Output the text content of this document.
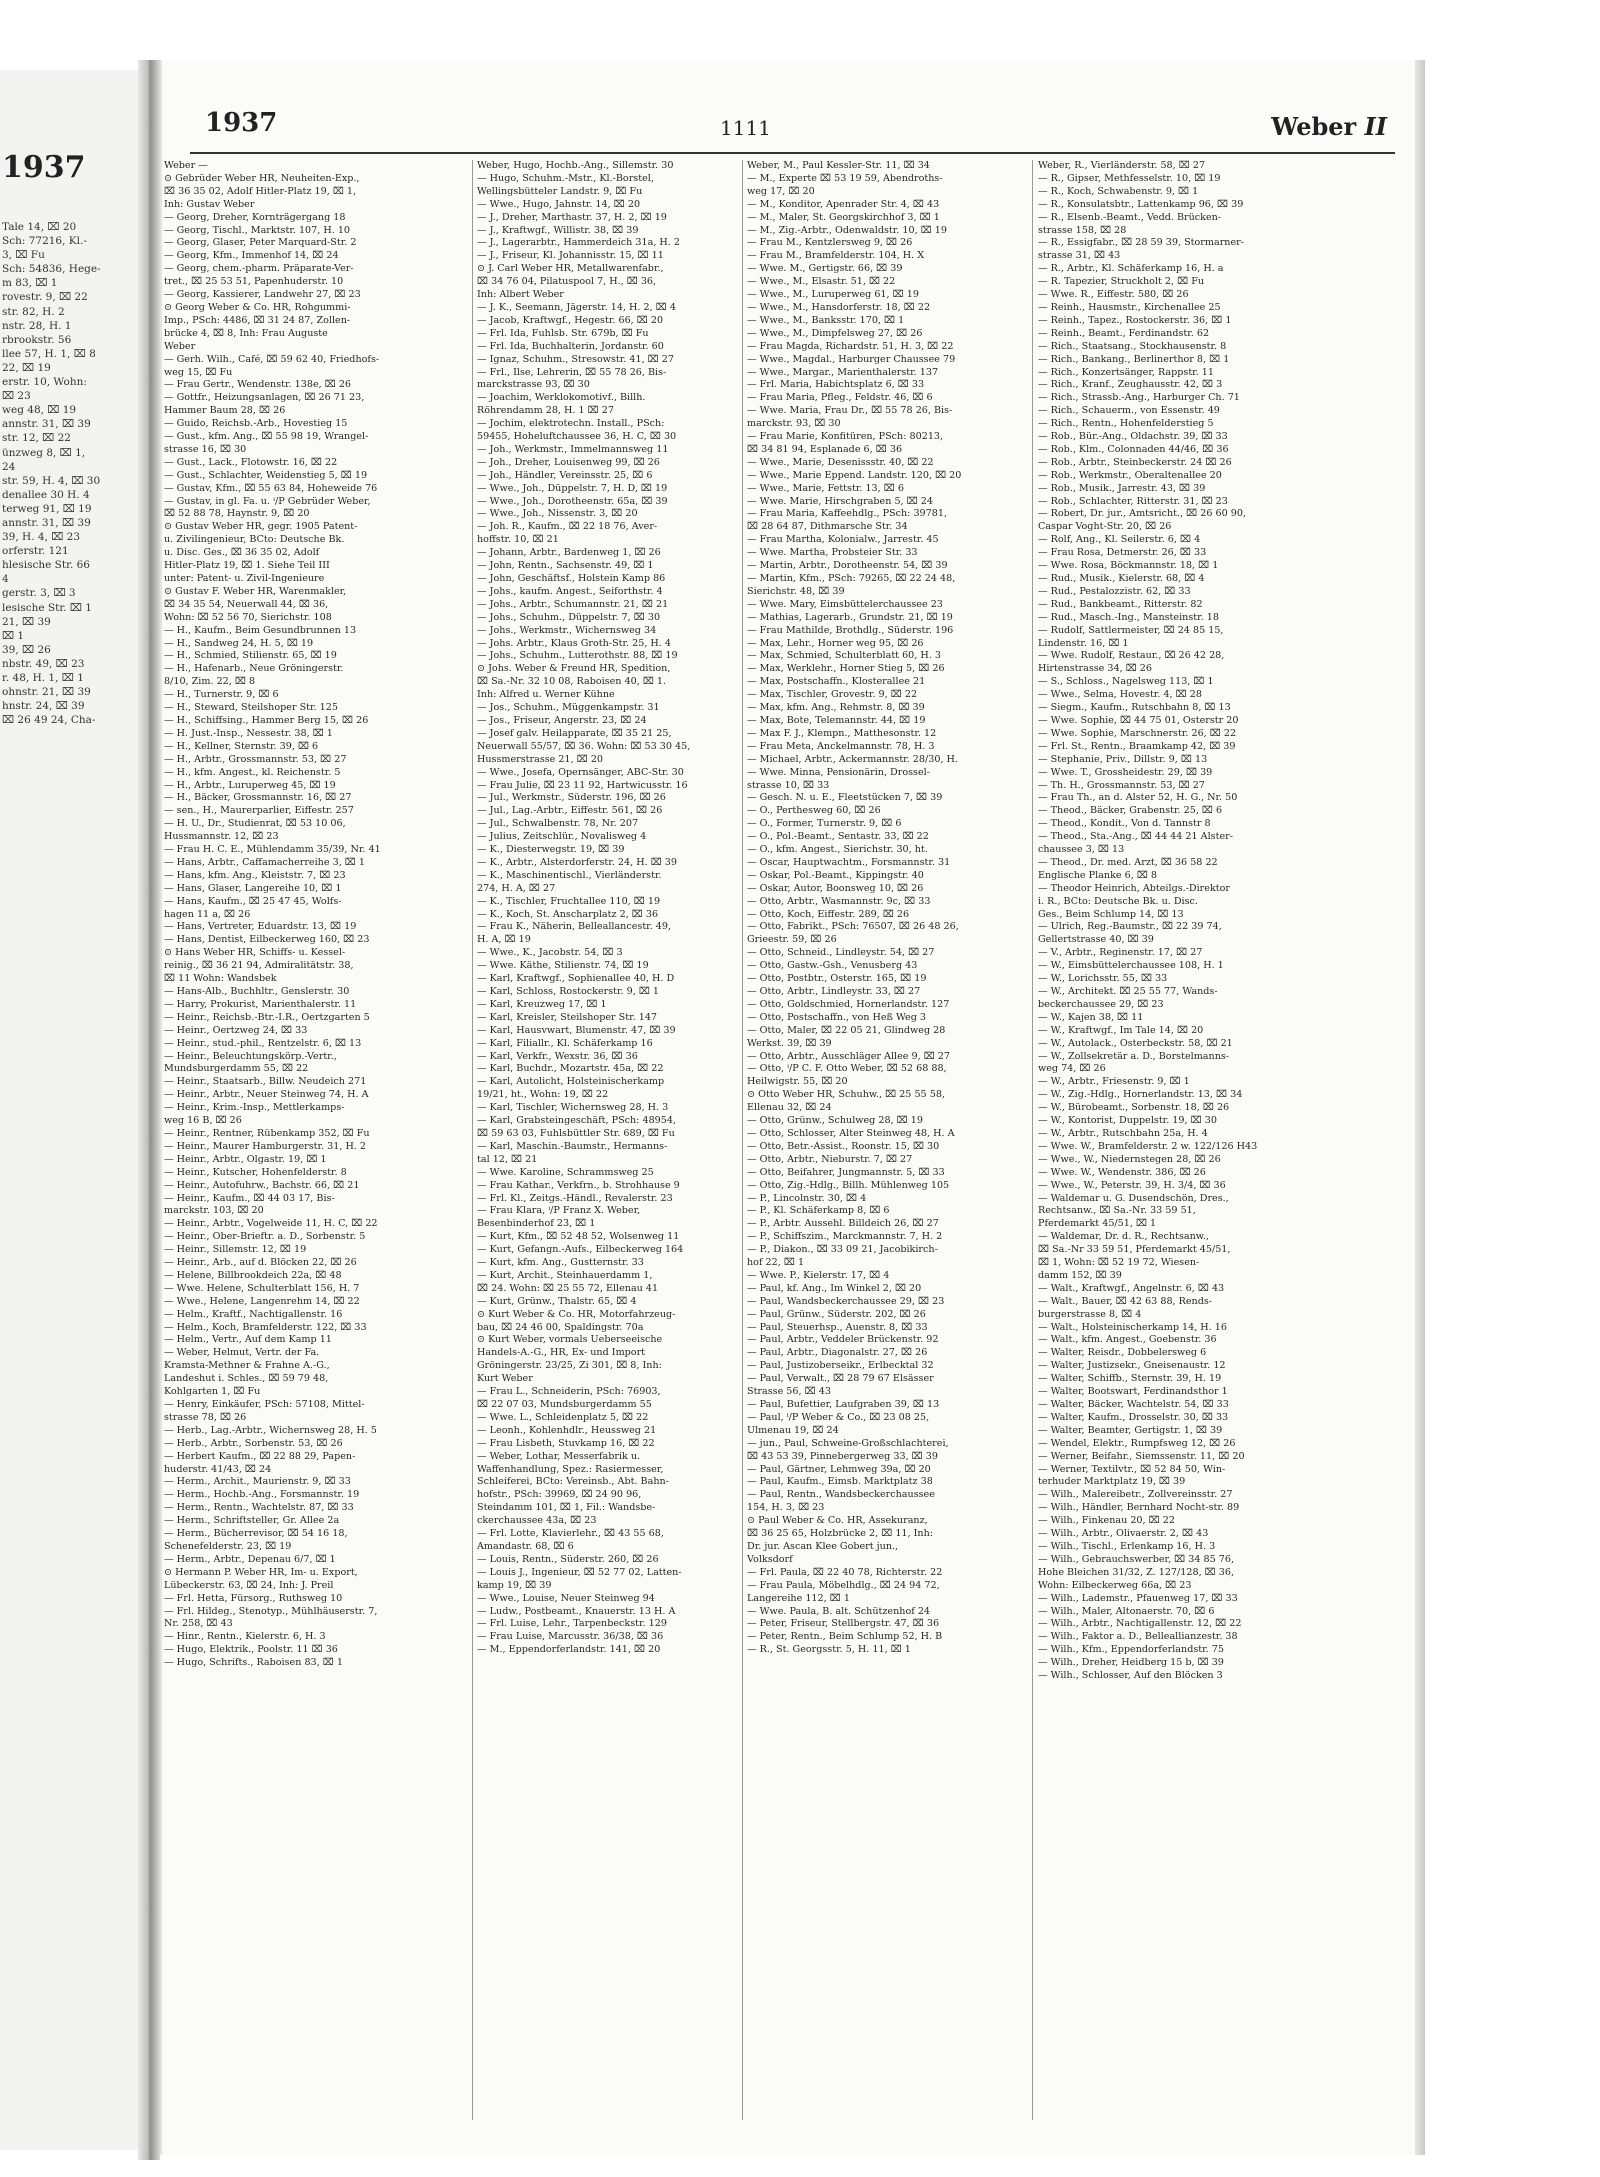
1937
Tale 14, ⌧ 20
Sch: 77216, Kl.-
3, ⌧ Fu
Sch: 54836, Hege-
m 83, ⌧ 1
rovestr. 9, ⌧ 22
str. 82, H. 2
nstr. 28, H. 1
rbrookstr. 56
llee 57, H. 1, ⌧ 8
22, ⌧ 19
erstr. 10, Wohn:
⌧ 23
weg 48, ⌧ 19
annstr. 31, ⌧ 39
str. 12, ⌧ 22
ünzweg 8, ⌧ 1,
24
str. 59, H. 4, ⌧ 30
denallee 30 H. 4
terweg 91, ⌧ 19
annstr. 31, ⌧ 39
39, H. 4, ⌧ 23
orferstr. 121
hlesische Str. 66
4
gerstr. 3, ⌧ 3
lesische Str. ⌧ 1
21, ⌧ 39
⌧ 1
39, ⌧ 26
nbstr. 49, ⌧ 23
r. 48, H. 1, ⌧ 1
ohnstr. 21, ⌧ 39
hnstr. 24, ⌧ 39
⌧ 26 49 24, Cha-
1937	1111	Weber II
Weber —
⊙ Gebrüder Weber HR, Neuheiten-Exp.,
⌧ 36 35 02, Adolf Hitler-Platz 19, ⌧ 1,
Inh: Gustav Weber
— Georg, Dreher, Kornträgergang 18
— Georg, Tischl., Marktstr. 107, H. 10
— Georg, Glaser, Peter Marquard-Str. 2
— Georg, Kfm., Immenhof 14, ⌧ 24
— Georg, chem.-pharm. Präparate-Ver-
tret., ⌧ 25 53 51, Papenhuderstr. 10
— Georg, Kassierer, Landwehr 27, ⌧ 23
⊙ Georg Weber & Co. HR, Rohgummi-
Imp., PSch: 4486, ⌧ 31 24 87, Zollen-
brücke 4, ⌧ 8, Inh: Frau Auguste
Weber
— Gerh. Wilh., Café, ⌧ 59 62 40, Friedhofs-
weg 15, ⌧ Fu
— Frau Gertr., Wendenstr. 138e, ⌧ 26
— Gottfr., Heizungsanlagen, ⌧ 26 71 23,
Hammer Baum 28, ⌧ 26
— Guido, Reichsb.-Arb., Hovestieg 15
— Gust., kfm. Ang., ⌧ 55 98 19, Wrangel-
strasse 16, ⌧ 30
— Gust., Lack., Flotowstr. 16, ⌧ 22
— Gust., Schlachter, Weidenstieg 5, ⌧ 19
— Gustav, Kfm., ⌧ 55 63 84, Hoheweide 76
— Gustav, in gl. Fa. u. ⁱ/P Gebrüder Weber,
⌧ 52 88 78, Haynstr. 9, ⌧ 20
⊙ Gustav Weber HR, gegr. 1905 Patent-
u. Zivilingenieur, BCto: Deutsche Bk.
u. Disc. Ges., ⌧ 36 35 02, Adolf
Hitler-Platz 19, ⌧ 1. Siehe Teil III
unter: Patent- u. Zivil-Ingenieure
⊙ Gustav F. Weber HR, Warenmakler,
⌧ 34 35 54, Neuerwall 44, ⌧ 36,
Wohn: ⌧ 52 56 70, Sierichstr. 108
— H., Kaufm., Beim Gesundbrunnen 13
— H., Sandweg 24, H. 5, ⌧ 19
— H., Schmied, Stilienstr. 65, ⌧ 19
— H., Hafenarb., Neue Gröningerstr.
8/10, Zim. 22, ⌧ 8
— H., Turnerstr. 9, ⌧ 6
— H., Steward, Steilshoper Str. 125
— H., Schiffsing., Hammer Berg 15, ⌧ 26
— H. Just.-Insp., Nessestr. 38, ⌧ 1
— H., Kellner, Sternstr. 39, ⌧ 6
— H., Arbtr., Grossmannstr. 53, ⌧ 27
— H., kfm. Angest., kl. Reichenstr. 5
— H., Arbtr., Luruperweg 45, ⌧ 19
— H., Bäcker, Grossmannstr. 16, ⌧ 27
— sen., H., Maurerparlier, Eiffestr. 257
— H. U., Dr., Studienrat, ⌧ 53 10 06,
Hussmannstr. 12, ⌧ 23
— Frau H. C. E., Mühlendamm 35/39, Nr. 41
— Hans, Arbtr., Caffamacherreihe 3, ⌧ 1
— Hans, kfm. Ang., Kleiststr. 7, ⌧ 23
— Hans, Glaser, Langereihe 10, ⌧ 1
— Hans, Kaufm., ⌧ 25 47 45, Wolfs-
hagen 11 a, ⌧ 26
— Hans, Vertreter, Eduardstr. 13, ⌧ 19
— Hans, Dentist, Eilbeckerweg 160, ⌧ 23
⊙ Hans Weber HR, Schiffs- u. Kessel-
reinig., ⌧ 36 21 94, Admiralitätstr. 38,
⌧ 11 Wohn: Wandsbek
— Hans-Alb., Buchhltr., Genslerstr. 30
— Harry, Prokurist, Marienthalerstr. 11
— Heinr., Reichsb.-Btr.-I.R., Oertzgarten 5
— Heinr., Oertzweg 24, ⌧ 33
— Heinr., stud.-phil., Rentzelstr. 6, ⌧ 13
— Heinr., Beleuchtungskörp.-Vertr.,
Mundsburgerdamm 55, ⌧ 22
— Heinr., Staatsarb., Billw. Neudeich 271
— Heinr., Arbtr., Neuer Steinweg 74, H. A
— Heinr., Krim.-Insp., Mettlerkamps-
weg 16 B, ⌧ 26
— Heinr., Rentner, Rübenkamp 352, ⌧ Fu
— Heinr., Maurer Hamburgerstr. 31, H. 2
— Heinr., Arbtr., Olgastr. 19, ⌧ 1
— Heinr., Kutscher, Hohenfelderstr. 8
— Heinr., Autofuhrw., Bachstr. 66, ⌧ 21
— Heinr., Kaufm., ⌧ 44 03 17, Bis-
marckstr. 103, ⌧ 20
— Heinr., Arbtr., Vogelweide 11, H. C, ⌧ 22
— Heinr., Ober-Brieftr. a. D., Sorbenstr. 5
— Heinr., Sillemstr. 12, ⌧ 19
— Heinr., Arb., auf d. Blöcken 22, ⌧ 26
— Helene, Billbrookdeich 22a, ⌧ 48
— Wwe. Helene, Schulterblatt 156, H. 7
— Wwe., Helene, Langenrehm 14, ⌧ 22
— Helm., Kraftf., Nachtigallenstr. 16
— Helm., Koch, Bramfelderstr. 122, ⌧ 33
— Helm., Vertr., Auf dem Kamp 11
— Weber, Helmut, Vertr. der Fa.
Kramsta-Methner & Frahne A.-G.,
Landeshut i. Schles., ⌧ 59 79 48,
Kohlgarten 1, ⌧ Fu
— Henry, Einkäufer, PSch: 57108, Mittel-
strasse 78, ⌧ 26
— Herb., Lag.-Arbtr., Wichernsweg 28, H. 5
— Herb., Arbtr., Sorbenstr. 53, ⌧ 26
— Herbert Kaufm., ⌧ 22 88 29, Papen-
huderstr. 41/43, ⌧ 24
— Herm., Archit., Maurienstr. 9, ⌧ 33
— Herm., Hochb.-Ang., Forsmannstr. 19
— Herm., Rentn., Wachtelstr. 87, ⌧ 33
— Herm., Schriftsteller, Gr. Allee 2a
— Herm., Bücherrevisor, ⌧ 54 16 18,
Schenefelderstr. 23, ⌧ 19
— Herm., Arbtr., Depenau 6/7, ⌧ 1
⊙ Hermann P. Weber HR, Im- u. Export,
Lübeckerstr. 63, ⌧ 24, Inh: J. Preil
— Frl. Hetta, Fürsorg., Ruthsweg 10
— Frl. Hildeg., Stenotyp., Mühlhäuserstr. 7,
Nr. 258, ⌧ 43
— Hinr., Rentn., Kielerstr. 6, H. 3
— Hugo, Elektrik., Poolstr. 11 ⌧ 36
— Hugo, Schrifts., Raboisen 83, ⌧ 1
Weber, Hugo, Hochb.-Ang., Sillemstr. 30
— Hugo, Schuhm.-Mstr., Kl.-Borstel,
Wellingsbütteler Landstr. 9, ⌧ Fu
— Wwe., Hugo, Jahnstr. 14, ⌧ 20
— J., Dreher, Marthastr. 37, H. 2, ⌧ 19
— J., Kraftwgf., Willistr. 38, ⌧ 39
— J., Lagerarbtr., Hammerdeich 31a, H. 2
— J., Friseur, Kl. Johannisstr. 15, ⌧ 11
⊙ J. Carl Weber HR, Metallwarenfabr.,
⌧ 34 76 04, Pilatuspool 7, H., ⌧ 36,
Inh: Albert Weber
— J. K., Seemann, Jägerstr. 14, H. 2, ⌧ 4
— Jacob, Kraftwgf., Hegestr. 66, ⌧ 20
— Frl. Ida, Fuhlsb. Str. 679b, ⌧ Fu
— Frl. Ida, Buchhalterin, Jordanstr. 60
— Ignaz, Schuhm., Stresowstr. 41, ⌧ 27
— Frl., Ilse, Lehrerin, ⌧ 55 78 26, Bis-
marckstrasse 93, ⌧ 30
— Joachim, Werklokomotivf., Billh.
Röhrendamm 28, H. 1 ⌧ 27
— Jochim, elektrotechn. Install., PSch:
59455, Hoheluftchaussee 36, H. C, ⌧ 30
— Joh., Werkmstr., Immelmannsweg 11
— Joh., Dreher, Louisenweg 99, ⌧ 26
— Joh., Händler, Vereinsstr. 25, ⌧ 6
— Wwe., Joh., Düppelstr. 7, H. D, ⌧ 19
— Wwe., Joh., Dorotheenstr. 65a, ⌧ 39
— Wwe., Joh., Nissenstr. 3, ⌧ 20
— Joh. R., Kaufm., ⌧ 22 18 76, Aver-
hoffstr. 10, ⌧ 21
— Johann, Arbtr., Bardenweg 1, ⌧ 26
— John, Rentn., Sachsenstr. 49, ⌧ 1
— John, Geschäftsf., Holstein Kamp 86
— Johs., kaufm. Angest., Seiforthstr. 4
— Johs., Arbtr., Schumannstr. 21, ⌧ 21
— Johs., Schuhm., Düppelstr. 7, ⌧ 30
— Johs., Werkmstr., Wichernsweg 34
— Johs. Arbtr., Klaus Groth-Str. 25, H. 4
— Johs., Schuhm., Lutterothstr. 88, ⌧ 19
⊙ Johs. Weber & Freund HR, Spedition,
⌧ Sa.-Nr. 32 10 08, Raboisen 40, ⌧ 1.
Inh: Alfred u. Werner Kühne
— Jos., Schuhm., Müggenkampstr. 31
— Jos., Friseur, Angerstr. 23, ⌧ 24
— Josef galv. Heilapparate, ⌧ 35 21 25,
Neuerwall 55/57, ⌧ 36. Wohn: ⌧ 53 30 45,
Hussmerstrasse 21, ⌧ 20
— Wwe., Josefa, Opernsänger, ABC-Str. 30
— Frau Julie, ⌧ 23 11 92, Hartwicusstr. 16
— Jul., Werkmstr., Süderstr. 196, ⌧ 26
— Jul., Lag.-Arbtr., Eiffestr. 561, ⌧ 26
— Jul., Schwalbenstr. 78, Nr. 207
— Julius, Zeitschlür., Novalisweg 4
— K., Diesterwegstr. 19, ⌧ 39
— K., Arbtr., Alsterdorferstr. 24, H. ⌧ 39
— K., Maschinentischl., Vierländerstr.
274, H. A, ⌧ 27
— K., Tischler, Fruchtallee 110, ⌧ 19
— K., Koch, St. Anscharplatz 2, ⌧ 36
— Frau K., Näherin, Belleallancestr. 49,
H. A, ⌧ 19
— Wwe., K., Jacobstr. 54, ⌧ 3
— Wwe. Käthe, Stilienstr. 74, ⌧ 19
— Karl, Kraftwgf., Sophienallee 40, H. D
— Karl, Schloss, Rostockerstr. 9, ⌧ 1
— Karl, Kreuzweg 17, ⌧ 1
— Karl, Kreisler, Steilshoper Str. 147
— Karl, Hausvwart, Blumenstr. 47, ⌧ 39
— Karl, Filiallr., Kl. Schäferkamp 16
— Karl, Verkfr., Wexstr. 36, ⌧ 36
— Karl, Buchdr., Mozartstr. 45a, ⌧ 22
— Karl, Autolicht, Holsteinischerkamp
19/21, ht., Wohn: 19, ⌧ 22
— Karl, Tischler, Wichernsweg 28, H. 3
— Karl, Grabsteingeschäft, PSch: 48954,
⌧ 59 63 03, Fuhlsbüttler Str. 689, ⌧ Fu
— Karl, Maschin.-Baumstr., Hermanns-
tal 12, ⌧ 21
— Wwe. Karoline, Schrammsweg 25
— Frau Kathar., Verkfrn., b. Strohhause 9
— Frl. Kl., Zeitgs.-Händl., Revalerstr. 23
— Frau Klara, ⁱ/P Franz X. Weber,
Besenbinderhof 23, ⌧ 1
— Kurt, Kfm., ⌧ 52 48 52, Wolsenweg 11
— Kurt, Gefangn.-Aufs., Eilbeckerweg 164
— Kurt, kfm. Ang., Gustternstr. 33
— Kurt, Archit., Steinhauerdamm 1,
⌧ 24. Wohn: ⌧ 25 55 72, Ellenau 41
— Kurt, Grünw., Thalstr. 65, ⌧ 4
⊙ Kurt Weber & Co. HR, Motorfahrzeug-
bau, ⌧ 24 46 00, Spaldingstr. 70a
⊙ Kurt Weber, vormals Ueberseeische
Handels-A.-G., HR, Ex- und Import
Gröningerstr. 23/25, Zi 301, ⌧ 8, Inh:
Kurt Weber
— Frau L., Schneiderin, PSch: 76903,
⌧ 22 07 03, Mundsburgerdamm 55
— Wwe. L., Schleidenplatz 5, ⌧ 22
— Leonh., Kohlenhdlr., Heussweg 21
— Frau Lisbeth, Stuvkamp 16, ⌧ 22
— Weber, Lothar, Messerfabrik u.
Waffenhandlung, Spez.: Rasiermesser,
Schleiferei, BCto: Vereinsb., Abt. Bahn-
hofstr., PSch: 39969, ⌧ 24 90 96,
Steindamm 101, ⌧ 1, Fil.: Wandsbe-
ckerchaussee 43a, ⌧ 23
— Frl. Lotte, Klavierlehr., ⌧ 43 55 68,
Amandastr. 68, ⌧ 6
— Louis, Rentn., Süderstr. 260, ⌧ 26
— Louis J., Ingenieur, ⌧ 52 77 02, Latten-
kamp 19, ⌧ 39
— Wwe., Louise, Neuer Steinweg 94
— Ludw., Postbeamt., Knauerstr. 13 H. A
— Frl. Luise, Lehr., Tarpenbeckstr. 129
— Frau Luise, Marcusstr. 36/38, ⌧ 36
— M., Eppendorferlandstr. 141, ⌧ 20
Weber, M., Paul Kessler-Str. 11, ⌧ 34
— M., Experte ⌧ 53 19 59, Abendroths-
weg 17, ⌧ 20
— M., Konditor, Apenrader Str. 4, ⌧ 43
— M., Maler, St. Georgskirchhof 3, ⌧ 1
— M., Zig.-Arbtr., Odenwaldstr. 10, ⌧ 19
— Frau M., Kentzlersweg 9, ⌧ 26
— Frau M., Bramfelderstr. 104, H. X
— Wwe. M., Gertigstr. 66, ⌧ 39
— Wwe., M., Elsastr. 51, ⌧ 22
— Wwe., M., Luruperweg 61, ⌧ 19
— Wwe., M., Hansdorferstr. 18, ⌧ 22
— Wwe., M., Banksstr. 170, ⌧ 1
— Wwe., M., Dimpfelsweg 27, ⌧ 26
— Frau Magda, Richardstr. 51, H. 3, ⌧ 22
— Wwe., Magdal., Harburger Chaussee 79
— Wwe., Margar., Marienthalerstr. 137
— Frl. Maria, Habichtsplatz 6, ⌧ 33
— Frau Maria, Pfleg., Feldstr. 46, ⌧ 6
— Wwe. Maria, Frau Dr., ⌧ 55 78 26, Bis-
marckstr. 93, ⌧ 30
— Frau Marie, Konfitüren, PSch: 80213,
⌧ 34 81 94, Esplanade 6, ⌧ 36
— Wwe., Marie, Desenissstr. 40, ⌧ 22
— Wwe., Marie Eppend. Landstr. 120, ⌧ 20
— Wwe., Marie, Fettstr. 13, ⌧ 6
— Wwe. Marie, Hirschgraben 5, ⌧ 24
— Frau Maria, Kaffeehdlg., PSch: 39781,
⌧ 28 64 87, Dithmarsche Str. 34
— Frau Martha, Kolonialw., Jarrestr. 45
— Wwe. Martha, Probsteier Str. 33
— Martin, Arbtr., Dorotheenstr. 54, ⌧ 39
— Martin, Kfm., PSch: 79265, ⌧ 22 24 48,
Sierichstr. 48, ⌧ 39
— Wwe. Mary, Eimsbüttelerchaussee 23
— Mathias, Lagerarb., Grundstr. 21, ⌧ 19
— Frau Mathilde, Brothdlg., Süderstr. 196
— Max, Lehr., Horner weg 95, ⌧ 26
— Max, Schmied, Schulterblatt 60, H. 3
— Max, Werklehr., Horner Stieg 5, ⌧ 26
— Max, Postschaffn., Klosterallee 21
— Max, Tischler, Grovestr. 9, ⌧ 22
— Max, kfm. Ang., Rehmstr. 8, ⌧ 39
— Max, Bote, Telemannstr. 44, ⌧ 19
— Max F. J., Klempn., Matthesonstr. 12
— Frau Meta, Anckelmannstr. 78, H. 3
— Michael, Arbtr., Ackermannstr. 28/30, H.
— Wwe. Minna, Pensionärin, Drossel-
strasse 10, ⌧ 33
— Gesch. N. u. E., Fleetstücken 7, ⌧ 39
— O., Perthesweg 60, ⌧ 26
— O., Former, Turnerstr. 9, ⌧ 6
— O., Pol.-Beamt., Sentastr. 33, ⌧ 22
— O., kfm. Angest., Sierichstr. 30, ht.
— Oscar, Hauptwachtm., Forsmannstr. 31
— Oskar, Pol.-Beamt., Kippingstr. 40
— Oskar, Autor, Boonsweg 10, ⌧ 26
— Otto, Arbtr., Wasmannstr. 9c, ⌧ 33
— Otto, Koch, Eiffestr. 289, ⌧ 26
— Otto, Fabrikt., PSch: 76507, ⌧ 26 48 26,
Grieestr. 59, ⌧ 26
— Otto, Schneid., Lindleystr. 54, ⌧ 27
— Otto, Gastw.-Gsh., Venusberg 43
— Otto, Postbtr., Osterstr. 165, ⌧ 19
— Otto, Arbtr., Lindleystr. 33, ⌧ 27
— Otto, Goldschmied, Hornerlandstr. 127
— Otto, Postschaffn., von Heß Weg 3
— Otto, Maler, ⌧ 22 05 21, Glindweg 28
Werkst. 39, ⌧ 39
— Otto, Arbtr., Ausschläger Allee 9, ⌧ 27
— Otto, ⁱ/P C. F. Otto Weber, ⌧ 52 68 88,
Heilwigstr. 55, ⌧ 20
⊙ Otto Weber HR, Schuhw., ⌧ 25 55 58,
Ellenau 32, ⌧ 24
— Otto, Grünw., Schulweg 28, ⌧ 19
— Otto, Schlosser, Alter Steinweg 48, H. A
— Otto, Betr.-Assist., Roonstr. 15, ⌧ 30
— Otto, Arbtr., Nieburstr. 7, ⌧ 27
— Otto, Beifahrer, Jungmannstr. 5, ⌧ 33
— Otto, Zig.-Hdlg., Billh. Mühlenweg 105
— P., Lincolnstr. 30, ⌧ 4
— P., Kl. Schäferkamp 8, ⌧ 6
— P., Arbtr. Aussehl. Billdeich 26, ⌧ 27
— P., Schiffszim., Marckmannstr. 7, H. 2
— P., Diakon., ⌧ 33 09 21, Jacobikirch-
hof 22, ⌧ 1
— Wwe. P., Kielerstr. 17, ⌧ 4
— Paul, kf. Ang., Im Winkel 2, ⌧ 20
— Paul, Wandsbeckerchaussee 29, ⌧ 23
— Paul, Grünw., Süderstr. 202, ⌧ 26
— Paul, Steuerhsp., Auenstr. 8, ⌧ 33
— Paul, Arbtr., Veddeler Brückenstr. 92
— Paul, Arbtr., Diagonalstr. 27, ⌧ 26
— Paul, Justizoberseikr., Erlbecktal 32
— Paul, Verwalt., ⌧ 28 79 67 Elsässer
Strasse 56, ⌧ 43
— Paul, Bufettier, Laufgraben 39, ⌧ 13
— Paul, ⁱ/P Weber & Co., ⌧ 23 08 25,
Ulmenau 19, ⌧ 24
— jun., Paul, Schweine-Großschlachterei,
⌧ 43 53 39, Pinnebergerweg 33, ⌧ 39
— Paul, Gärtner, Lehmweg 39a, ⌧ 20
— Paul, Kaufm., Eimsb. Marktplatz 38
— Paul, Rentn., Wandsbeckerchaussee
154, H. 3, ⌧ 23
⊙ Paul Weber & Co. HR, Assekuranz,
⌧ 36 25 65, Holzbrücke 2, ⌧ 11, Inh:
Dr. jur. Ascan Klee Gobert jun.,
Volksdorf
— Frl. Paula, ⌧ 22 40 78, Richterstr. 22
— Frau Paula, Möbelhdlg., ⌧ 24 94 72,
Langereihe 112, ⌧ 1
— Wwe. Paula, B. alt. Schützenhof 24
— Peter, Friseur, Stellbergstr. 47, ⌧ 36
— Peter, Rentn., Beim Schlump 52, H. B
— R., St. Georgsstr. 5, H. 11, ⌧ 1
Weber, R., Vierländerstr. 58, ⌧ 27
— R., Gipser, Methfesselstr. 10, ⌧ 19
— R., Koch, Schwabenstr. 9, ⌧ 1
— R., Konsulatsbtr., Lattenkamp 96, ⌧ 39
— R., Elsenb.-Beamt., Vedd. Brücken-
strasse 158, ⌧ 28
— R., Essigfabr., ⌧ 28 59 39, Stormarner-
strasse 31, ⌧ 43
— R., Arbtr., Kl. Schäferkamp 16, H. a
— R. Tapezier, Struckholt 2, ⌧ Fu
— Wwe. R., Eiffestr. 580, ⌧ 26
— Reinh., Hausmstr., Kirchenallee 25
— Reinh., Tapez., Rostockerstr. 36, ⌧ 1
— Reinh., Beamt., Ferdinandstr. 62
— Rich., Staatsang., Stockhausenstr. 8
— Rich., Bankang., Berlinerthor 8, ⌧ 1
— Rich., Konzertsänger, Rappstr. 11
— Rich., Kranf., Zeughausstr. 42, ⌧ 3
— Rich., Strassb.-Ang., Harburger Ch. 71
— Rich., Schauerm., von Essenstr. 49
— Rich., Rentn., Hohenfelderstieg 5
— Rob., Bür.-Ang., Oldachstr. 39, ⌧ 33
— Rob., Klm., Colonnaden 44/46, ⌧ 36
— Rob., Arbtr., Steinbeckerstr. 24 ⌧ 26
— Rob., Werkmstr., Oberaltenallee 20
— Rob., Musik., Jarrestr. 43, ⌧ 39
— Rob., Schlachter, Ritterstr. 31, ⌧ 23
— Robert, Dr. jur., Amtsricht., ⌧ 26 60 90,
Caspar Voght-Str. 20, ⌧ 26
— Rolf, Ang., Kl. Seilerstr. 6, ⌧ 4
— Frau Rosa, Detmerstr. 26, ⌧ 33
— Wwe. Rosa, Böckmannstr. 18, ⌧ 1
— Rud., Musik., Kielerstr. 68, ⌧ 4
— Rud., Pestalozzistr. 62, ⌧ 33
— Rud., Bankbeamt., Ritterstr. 82
— Rud., Masch.-Ing., Mansteinstr. 18
— Rudolf, Sattlermeister, ⌧ 24 85 15,
Lindenstr. 16, ⌧ 1
— Wwe. Rudolf, Restaur., ⌧ 26 42 28,
Hirtenstrasse 34, ⌧ 26
— S., Schloss., Nagelsweg 113, ⌧ 1
— Wwe., Selma, Hovestr. 4, ⌧ 28
— Siegm., Kaufm., Rutschbahn 8, ⌧ 13
— Wwe. Sophie, ⌧ 44 75 01, Osterstr 20
— Wwe. Sophie, Marschnerstr. 26, ⌧ 22
— Frl. St., Rentn., Braamkamp 42, ⌧ 39
— Stephanie, Priv., Dillstr. 9, ⌧ 13
— Wwe. T., Grossheidestr. 29, ⌧ 39
— Th. H., Grossmannstr. 53, ⌧ 27
— Frau Th., an d. Alster 52, H. G., Nr. 50
— Theod., Bäcker, Grabenstr. 25, ⌧ 6
— Theod., Kondit., Von d. Tannstr 8
— Theod., Sta.-Ang., ⌧ 44 44 21 Alster-
chaussee 3, ⌧ 13
— Theod., Dr. med. Arzt, ⌧ 36 58 22
Englische Planke 6, ⌧ 8
— Theodor Heinrich, Abteilgs.-Direktor
i. R., BCto: Deutsche Bk. u. Disc.
Ges., Beim Schlump 14, ⌧ 13
— Ulrich, Reg.-Baumstr., ⌧ 22 39 74,
Gellertstrasse 40, ⌧ 39
— V., Arbtr., Reginenstr. 17, ⌧ 27
— W., Eimsbüttelerchaussee 108, H. 1
— W., Lorichsstr. 55, ⌧ 33
— W., Architekt. ⌧ 25 55 77, Wands-
beckerchaussee 29, ⌧ 23
— W., Kajen 38, ⌧ 11
— W., Kraftwgf., Im Tale 14, ⌧ 20
— W., Autolack., Osterbeckstr. 58, ⌧ 21
— W., Zollsekretär a. D., Borstelmanns-
weg 74, ⌧ 26
— W., Arbtr., Friesenstr. 9, ⌧ 1
— W., Zig.-Hdlg., Hornerlandstr. 13, ⌧ 34
— W., Bürobeamt., Sorbenstr. 18, ⌧ 26
— W., Kontorist, Duppelstr. 19, ⌧ 30
— W., Arbtr., Rutschbahn 25a, H. 4
— Wwe. W., Bramfelderstr. 2 w. 122/126 H43
— Wwe., W., Niedernstegen 28, ⌧ 26
— Wwe. W., Wendenstr. 386, ⌧ 26
— Wwe., W., Peterstr. 39, H. 3/4, ⌧ 36
— Waldemar u. G. Dusendschön, Dres.,
Rechtsanw., ⌧ Sa.-Nr. 33 59 51,
Pferdemarkt 45/51, ⌧ 1
— Waldemar, Dr. d. R., Rechtsanw.,
⌧ Sa.-Nr 33 59 51, Pferdemarkt 45/51,
⌧ 1, Wohn: ⌧ 52 19 72, Wiesen-
damm 152, ⌧ 39
— Walt., Kraftwgf., Angelnstr. 6, ⌧ 43
— Walt., Bauer, ⌧ 42 63 88, Rends-
burgerstrasse 8, ⌧ 4
— Walt., Holsteinischerkamp 14, H. 16
— Walt., kfm. Angest., Goebenstr. 36
— Walter, Reisdr., Dobbelersweg 6
— Walter, Justizsekr., Gneisenaustr. 12
— Walter, Schiffb., Sternstr. 39, H. 19
— Walter, Bootswart, Ferdinandsthor 1
— Walter, Bäcker, Wachtelstr. 54, ⌧ 33
— Walter, Kaufm., Drosselstr. 30, ⌧ 33
— Walter, Beamter, Gertigstr. 1, ⌧ 39
— Wendel, Elektr., Rumpfsweg 12, ⌧ 26
— Werner, Beifahr., Siemssenstr. 11, ⌧ 20
— Werner, Textilvtr., ⌧ 52 84 50, Win-
terhuder Marktplatz 19, ⌧ 39
— Wilh., Malereibetr., Zollvereinsstr. 27
— Wilh., Händler, Bernhard Nocht-str. 89
— Wilh., Finkenau 20, ⌧ 22
— Wilh., Arbtr., Olivaerstr. 2, ⌧ 43
— Wilh., Tischl., Erlenkamp 16, H. 3
— Wilh., Gebrauchswerber, ⌧ 34 85 76,
Hohe Bleichen 31/32, Z. 127/128, ⌧ 36,
Wohn: Eilbeckerweg 66a, ⌧ 23
— Wilh., Lademstr., Pfauenweg 17, ⌧ 33
— Wilh., Maler, Altonaerstr. 70, ⌧ 6
— Wilh., Arbtr., Nachtigallenstr. 12, ⌧ 22
— Wilh., Faktor a. D., Belleallianzestr. 38
— Wilh., Kfm., Eppendorferlandstr. 75
— Wilh., Dreher, Heidberg 15 b, ⌧ 39
— Wilh., Schlosser, Auf den Blöcken 3
